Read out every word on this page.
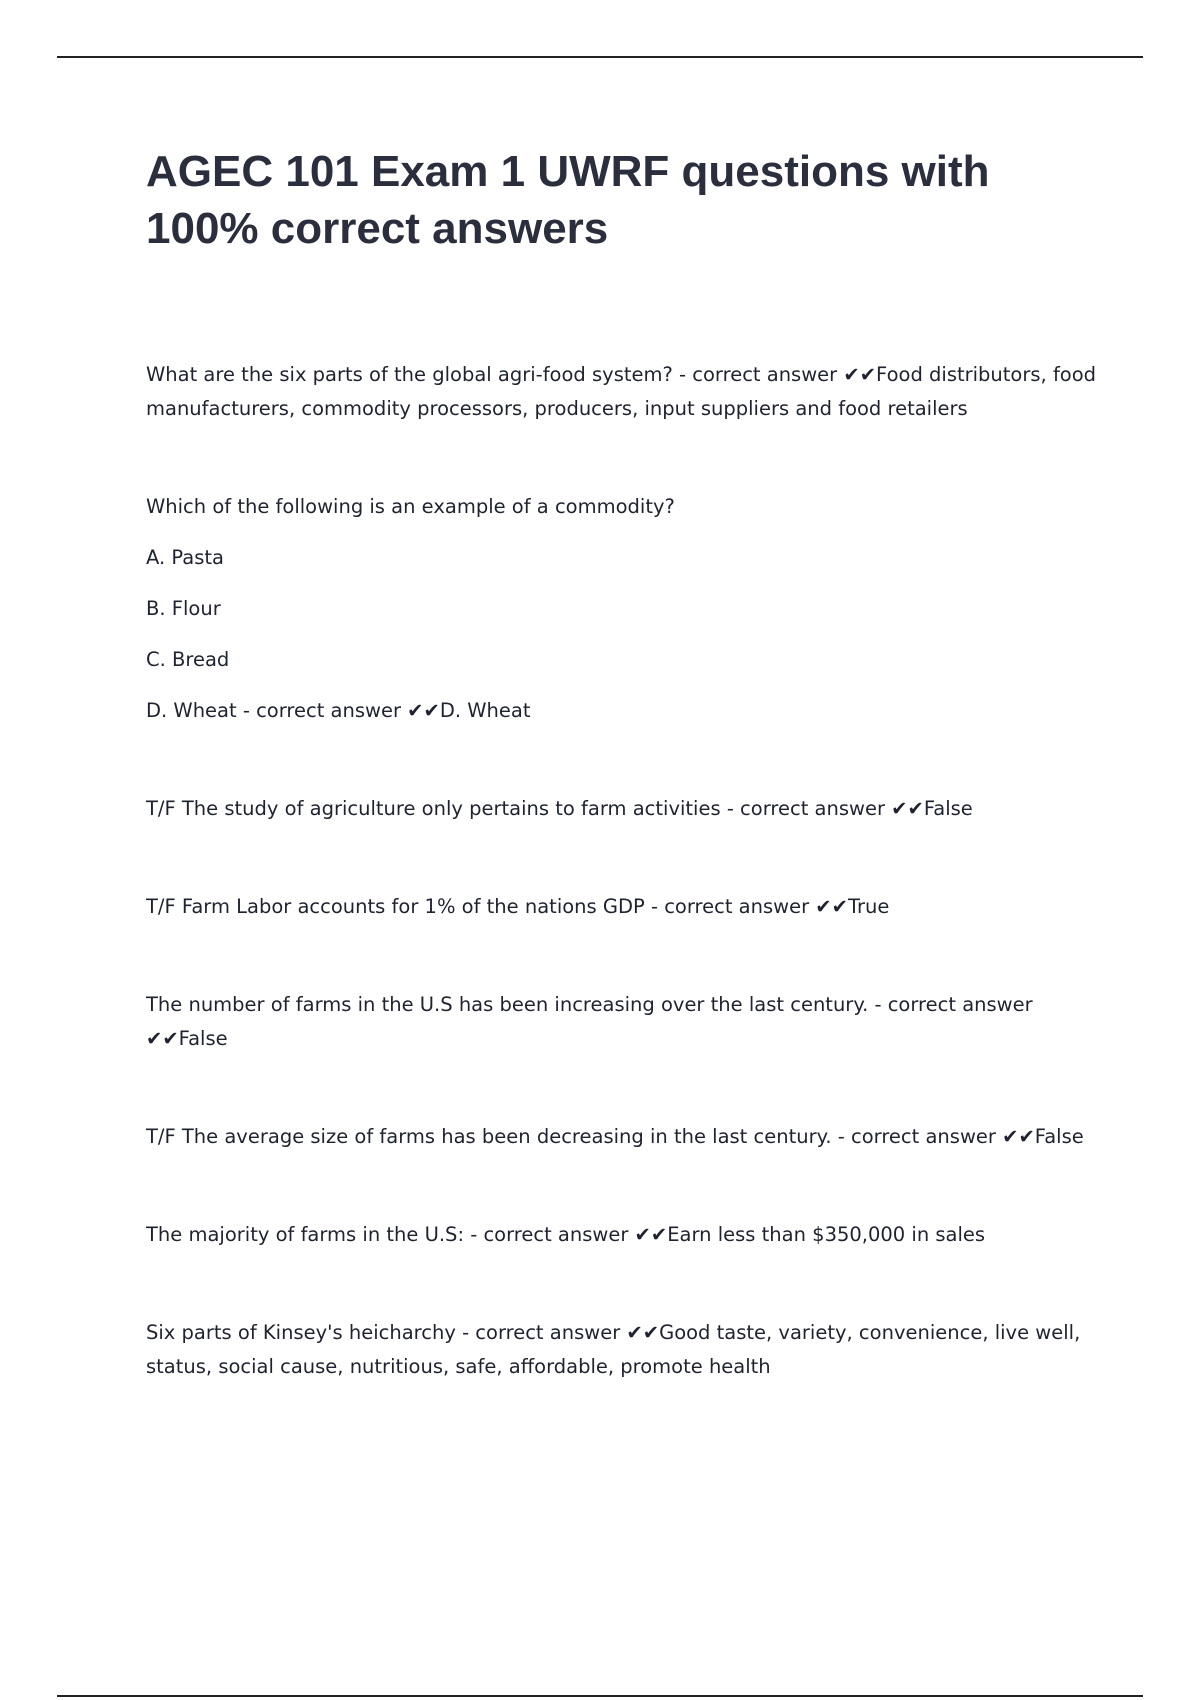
AGEC 101 Exam 1 UWRF questions with 100% correct answers

What are the six parts of the global agri-food system? - correct answer ✔✔Food distributors, food manufacturers, commodity processors, producers, input suppliers and food retailers

Which of the following is an example of a commodity?

A. Pasta

B. Flour

C. Bread

D. Wheat - correct answer ✔✔D. Wheat

T/F The study of agriculture only pertains to farm activities - correct answer ✔✔False

T/F Farm Labor accounts for 1% of the nations GDP - correct answer ✔✔True

The number of farms in the U.S has been increasing over the last century. - correct answer ✔✔False

T/F The average size of farms has been decreasing in the last century. - correct answer ✔✔False

The majority of farms in the U.S: - correct answer ✔✔Earn less than $350,000 in sales

Six parts of Kinsey's heicharchy - correct answer ✔✔Good taste, variety, convenience, live well, status, social cause, nutritious, safe, affordable, promote health
